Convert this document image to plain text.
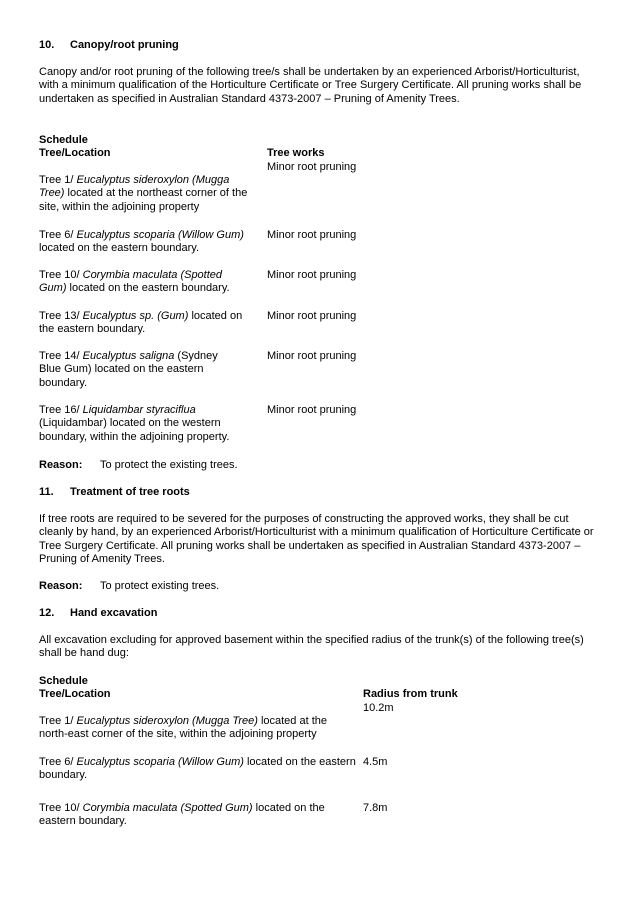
10. Canopy/root pruning
Canopy and/or root pruning of the following tree/s shall be undertaken by an experienced Arborist/Horticulturist, with a minimum qualification of the Horticulture Certificate or Tree Surgery Certificate. All pruning works shall be undertaken as specified in Australian Standard 4373-2007 – Pruning of Amenity Trees.
Schedule
Tree/Location	Tree works
Tree 1/ Eucalyptus sideroxylon (Mugga Tree) located at the northeast corner of the site, within the adjoining property
Minor root pruning
Tree 6/ Eucalyptus scoparia (Willow Gum) located on the eastern boundary.
Minor root pruning
Tree 10/ Corymbia maculata (Spotted Gum) located on the eastern boundary.
Minor root pruning
Tree 13/ Eucalyptus sp. (Gum) located on the eastern boundary.
Minor root pruning
Tree 14/ Eucalyptus saligna (Sydney Blue Gum) located on the eastern boundary.
Minor root pruning
Tree 16/ Liquidambar styraciflua (Liquidambar) located on the western boundary, within the adjoining property.
Minor root pruning
Reason: To protect the existing trees.
11. Treatment of tree roots
If tree roots are required to be severed for the purposes of constructing the approved works, they shall be cut cleanly by hand, by an experienced Arborist/Horticulturist with a minimum qualification of Horticulture Certificate or Tree Surgery Certificate. All pruning works shall be undertaken as specified in Australian Standard 4373-2007 – Pruning of Amenity Trees.
Reason: To protect existing trees.
12. Hand excavation
All excavation excluding for approved basement within the specified radius of the trunk(s) of the following tree(s) shall be hand dug:
Schedule
Tree/Location	Radius from trunk
Tree 1/ Eucalyptus sideroxylon (Mugga Tree) located at the north-east corner of the site, within the adjoining property
10.2m
Tree 6/ Eucalyptus scoparia (Willow Gum) located on the eastern boundary.
4.5m
Tree 10/ Corymbia maculata (Spotted Gum) located on the eastern boundary.
7.8m
